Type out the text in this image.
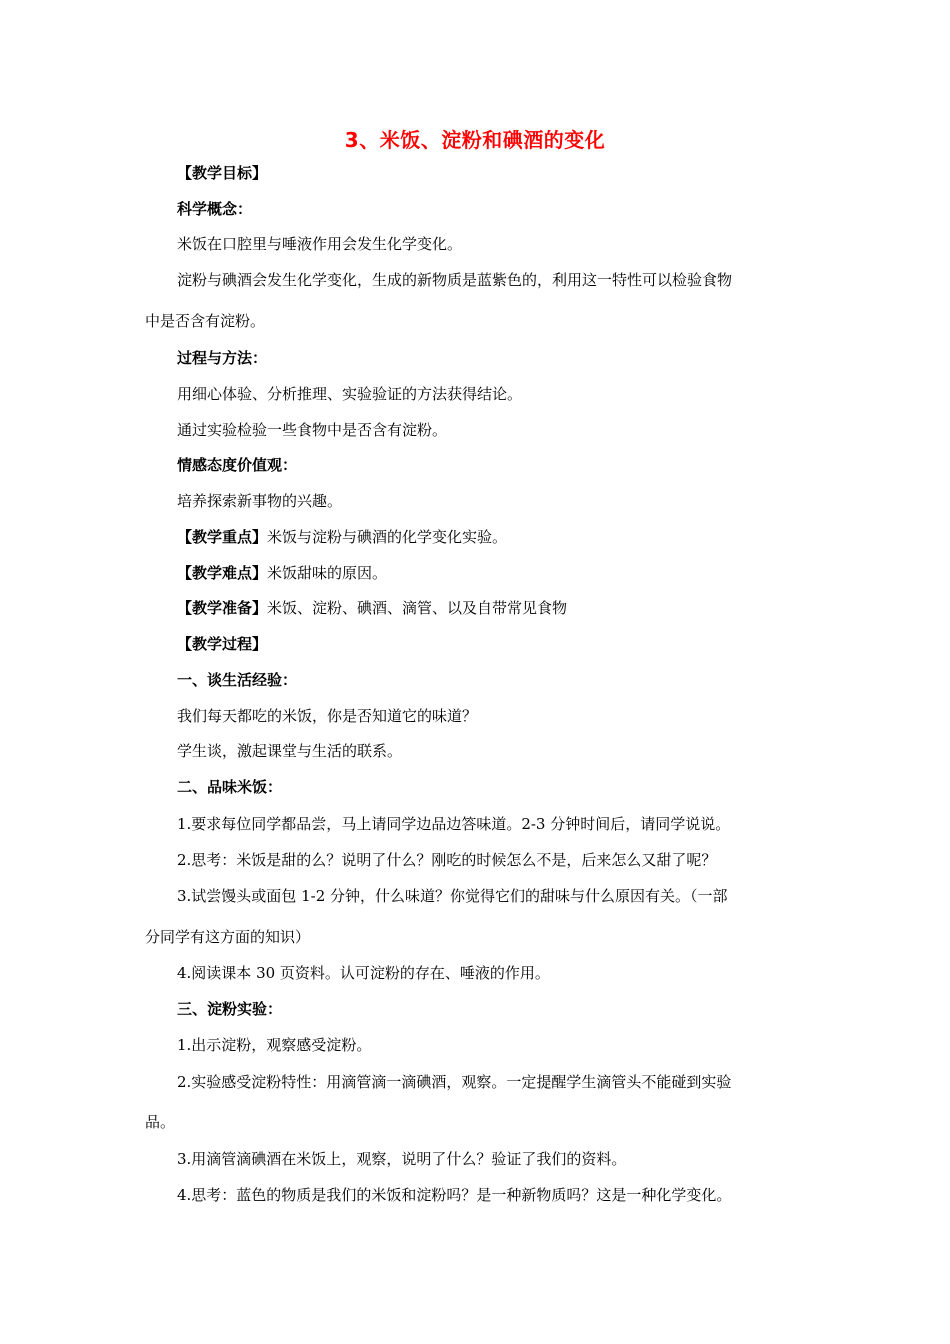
3、米饭、淀粉和碘酒的变化
【教学目标】
科学概念：
米饭在口腔里与唾液作用会发生化学变化。
淀粉与碘酒会发生化学变化，生成的新物质是蓝紫色的，利用这一特性可以检验食物
中是否含有淀粉。
过程与方法：
用细心体验、分析推理、实验验证的方法获得结论。
通过实验检验一些食物中是否含有淀粉。
情感态度价值观：
培养探索新事物的兴趣。
【教学重点】米饭与淀粉与碘酒的化学变化实验。
【教学难点】米饭甜味的原因。
【教学准备】米饭、淀粉、碘酒、滴管、以及自带常见食物
【教学过程】
一、谈生活经验：
我们每天都吃的米饭，你是否知道它的味道？
学生谈，激起课堂与生活的联系。
二、品味米饭：
1.要求每位同学都品尝，马上请同学边品边答味道。2-3 分钟时间后，请同学说说。
2.思考：米饭是甜的么？说明了什么？刚吃的时候怎么不是，后来怎么又甜了呢？
3.试尝馒头或面包 1-2 分钟，什么味道？你觉得它们的甜味与什么原因有关。（一部
分同学有这方面的知识）
4.阅读课本 30 页资料。认可淀粉的存在、唾液的作用。
三、淀粉实验：
1.出示淀粉，观察感受淀粉。
2.实验感受淀粉特性：用滴管滴一滴碘酒，观察。一定提醒学生滴管头不能碰到实验
品。
3.用滴管滴碘酒在米饭上，观察，说明了什么？验证了我们的资料。
4.思考：蓝色的物质是我们的米饭和淀粉吗？是一种新物质吗？这是一种化学变化。
